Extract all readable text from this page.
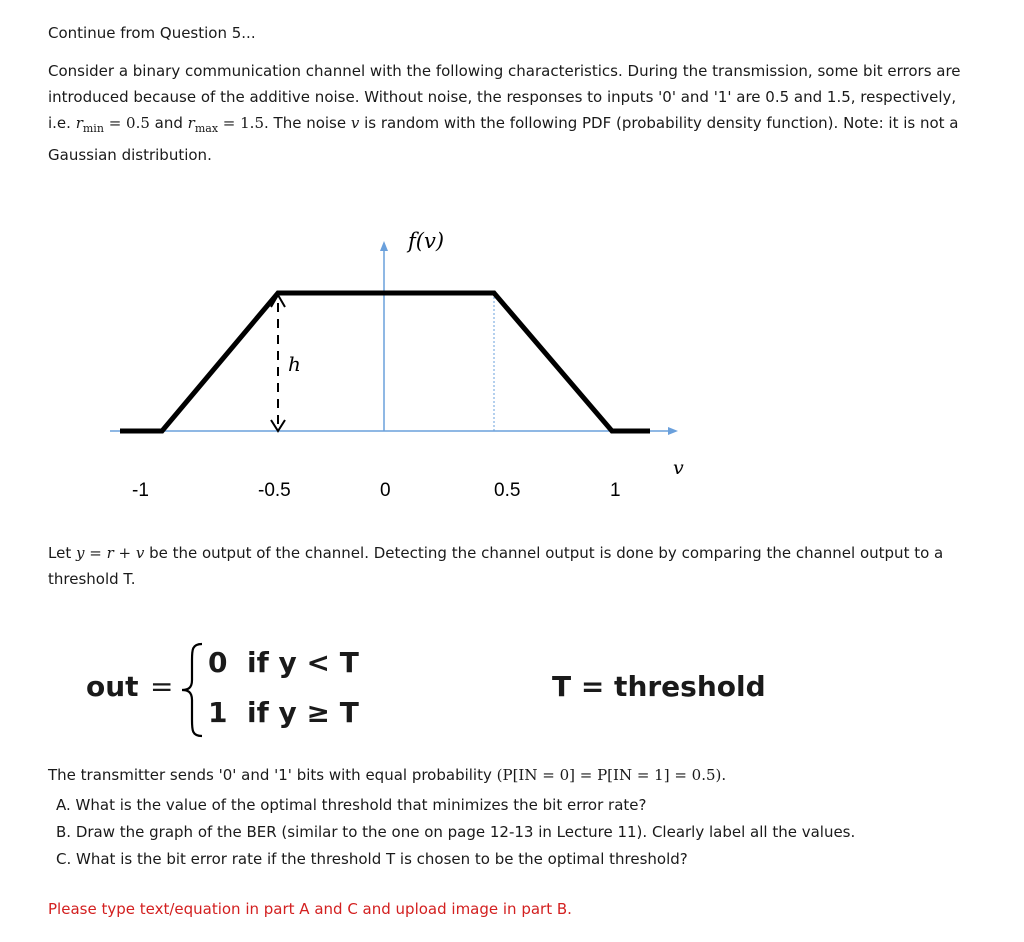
Continue from Question 5...
Consider a binary communication channel with the following characteristics. During the transmission, some bit errors are introduced because of the additive noise. Without noise, the responses to inputs '0' and '1' are 0.5 and 1.5, respectively, i.e. $r_{min} = 0.5$ and $r_{max} = 1.5$. The noise v is random with the following PDF (probability density function). Note: it is not a Gaussian distribution.
h
f(v)
v
-1	-0.5	0	0.5	1
Let y = r + v be the output of the channel. Detecting the channel output is done by comparing the channel output to a threshold T.
out =
0  if y < T
1  if y ≥ T
T = threshold
The transmitter sends '0' and '1' bits with equal probability (P[IN = 0] = P[IN = 1] = 0.5).
A. What is the value of the optimal threshold that minimizes the bit error rate?
B. Draw the graph of the BER (similar to the one on page 12-13 in Lecture 11). Clearly label all the values.
C. What is the bit error rate if the threshold T is chosen to be the optimal threshold?
Please type text/equation in part A and C and upload image in part B.
